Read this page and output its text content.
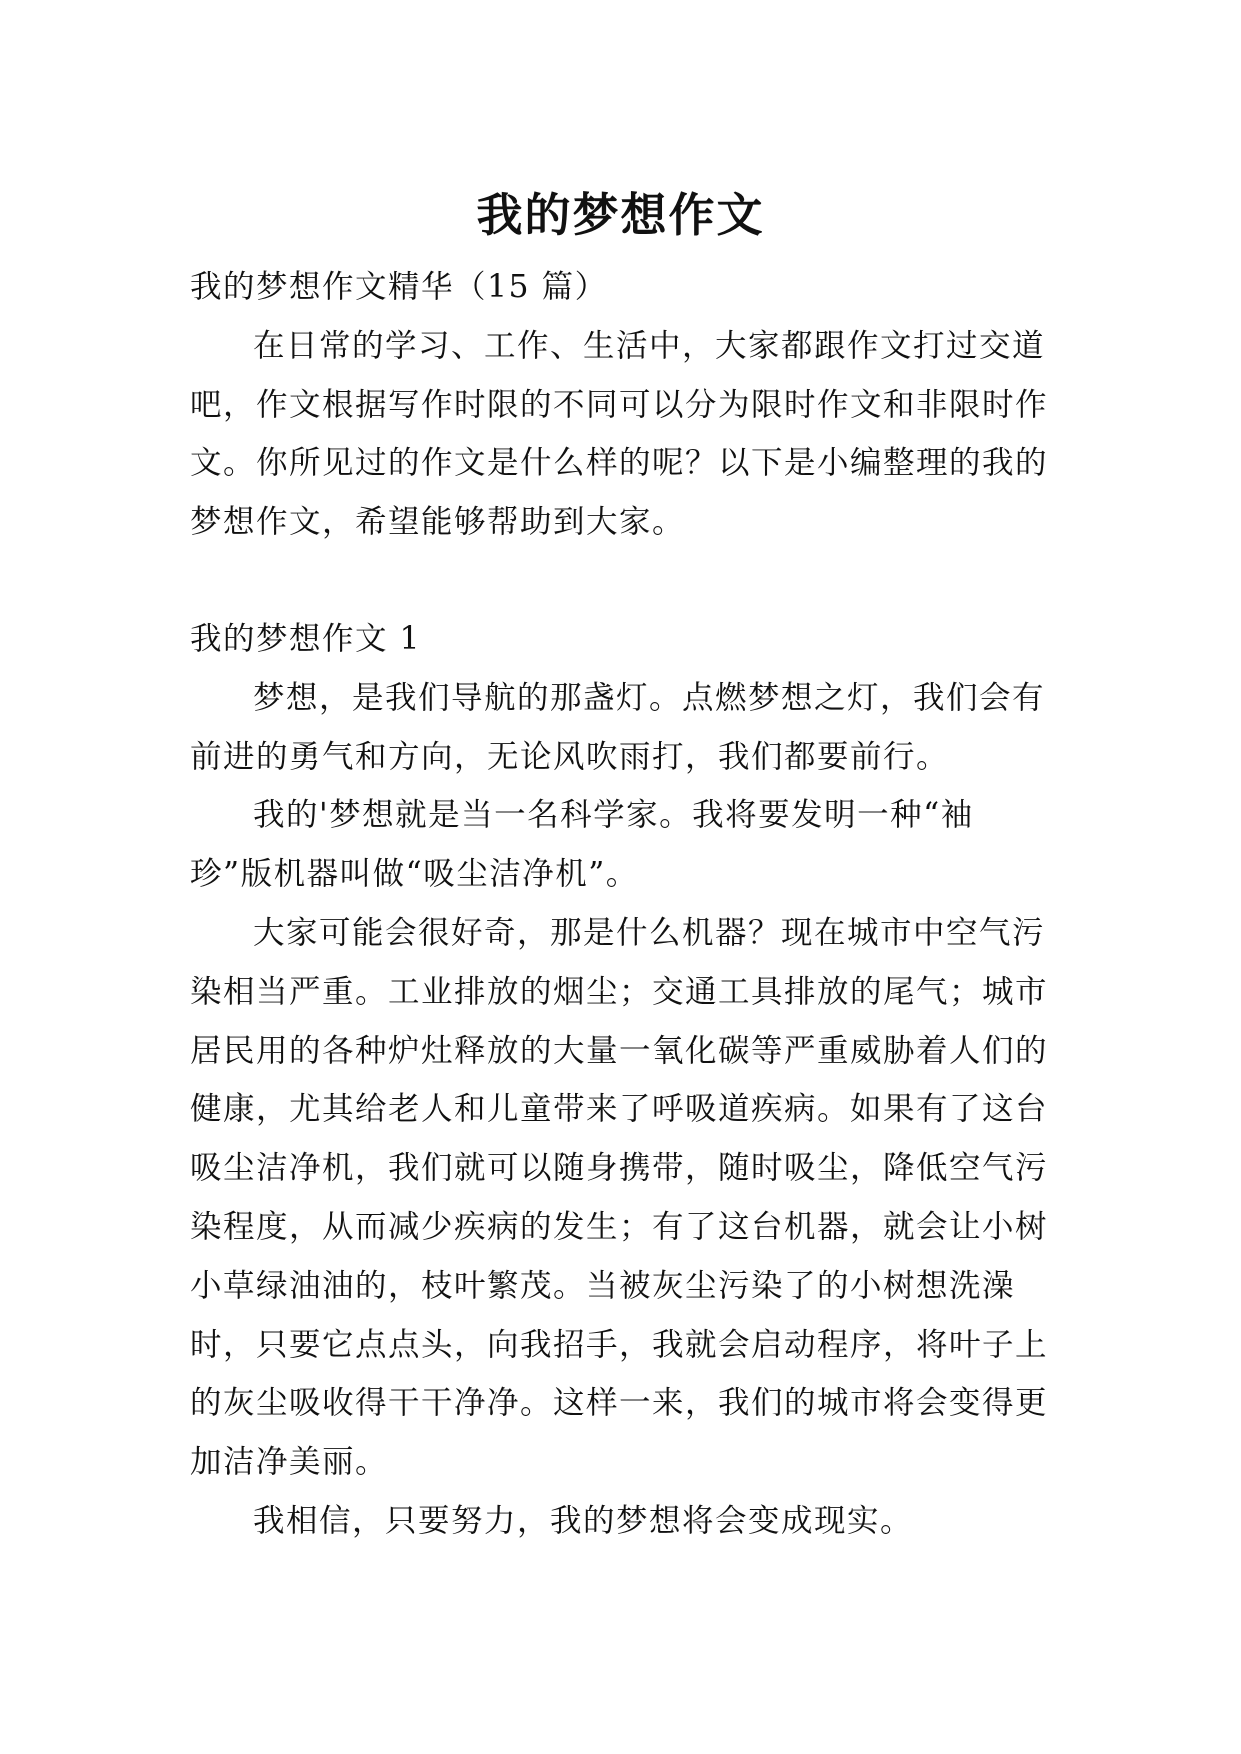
我的梦想作文

我的梦想作文精华（15 篇）

在日常的学习、工作、生活中，大家都跟作文打过交道吧，作文根据写作时限的不同可以分为限时作文和非限时作文。你所见过的作文是什么样的呢？以下是小编整理的我的梦想作文，希望能够帮助到大家。

我的梦想作文 1

梦想，是我们导航的那盏灯。点燃梦想之灯，我们会有前进的勇气和方向，无论风吹雨打，我们都要前行。

我的'梦想就是当一名科学家。我将要发明一种“袖珍”版机器叫做“吸尘洁净机”。

大家可能会很好奇，那是什么机器？现在城市中空气污染相当严重。工业排放的烟尘；交通工具排放的尾气；城市居民用的各种炉灶释放的大量一氧化碳等严重威胁着人们的健康，尤其给老人和儿童带来了呼吸道疾病。如果有了这台吸尘洁净机，我们就可以随身携带，随时吸尘，降低空气污染程度，从而减少疾病的发生；有了这台机器，就会让小树小草绿油油的，枝叶繁茂。当被灰尘污染了的小树想洗澡时，只要它点点头，向我招手，我就会启动程序，将叶子上的灰尘吸收得干干净净。这样一来，我们的城市将会变得更加洁净美丽。

我相信，只要努力，我的梦想将会变成现实。
